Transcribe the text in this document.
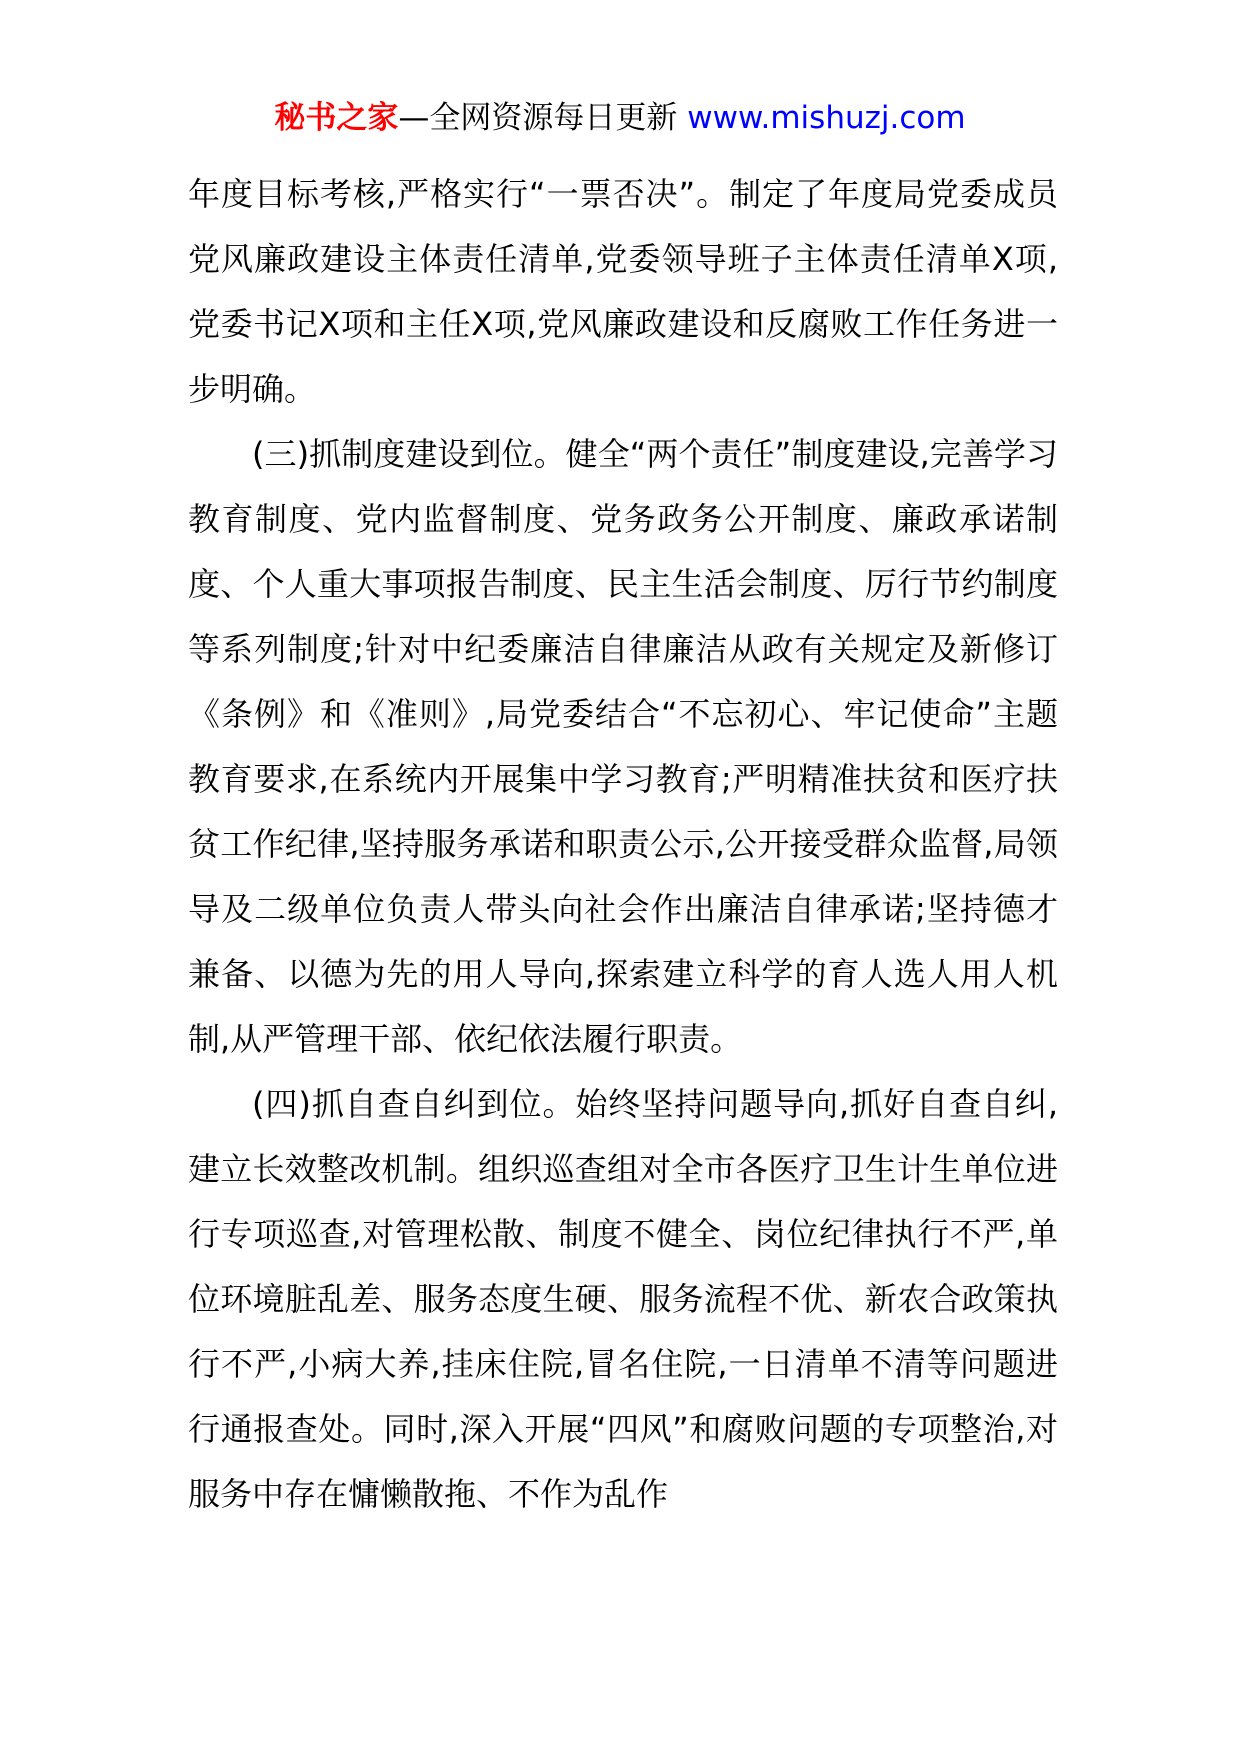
秘书之家—全网资源每日更新 www.mishuzj.com

年度目标考核,严格实行“一票否决”。制定了年度局党委成员党风廉政建设主体责任清单,党委领导班子主体责任清单X项,党委书记X项和主任X项,党风廉政建设和反腐败工作任务进一步明确。

(三)抓制度建设到位。健全“两个责任”制度建设,完善学习教育制度、党内监督制度、党务政务公开制度、廉政承诺制度、个人重大事项报告制度、民主生活会制度、厉行节约制度等系列制度;针对中纪委廉洁自律廉洁从政有关规定及新修订《条例》和《准则》,局党委结合“不忘初心、牢记使命”主题教育要求,在系统内开展集中学习教育;严明精准扶贫和医疗扶贫工作纪律,坚持服务承诺和职责公示,公开接受群众监督,局领导及二级单位负责人带头向社会作出廉洁自律承诺;坚持德才兼备、以德为先的用人导向,探索建立科学的育人选人用人机制,从严管理干部、依纪依法履行职责。

(四)抓自查自纠到位。始终坚持问题导向,抓好自查自纠,建立长效整改机制。组织巡查组对全市各医疗卫生计生单位进行专项巡查,对管理松散、制度不健全、岗位纪律执行不严,单位环境脏乱差、服务态度生硬、服务流程不优、新农合政策执行不严,小病大养,挂床住院,冒名住院,一日清单不清等问题进行通报查处。同时,深入开展“四风”和腐败问题的专项整治,对服务中存在慵懒散拖、不作为乱作
